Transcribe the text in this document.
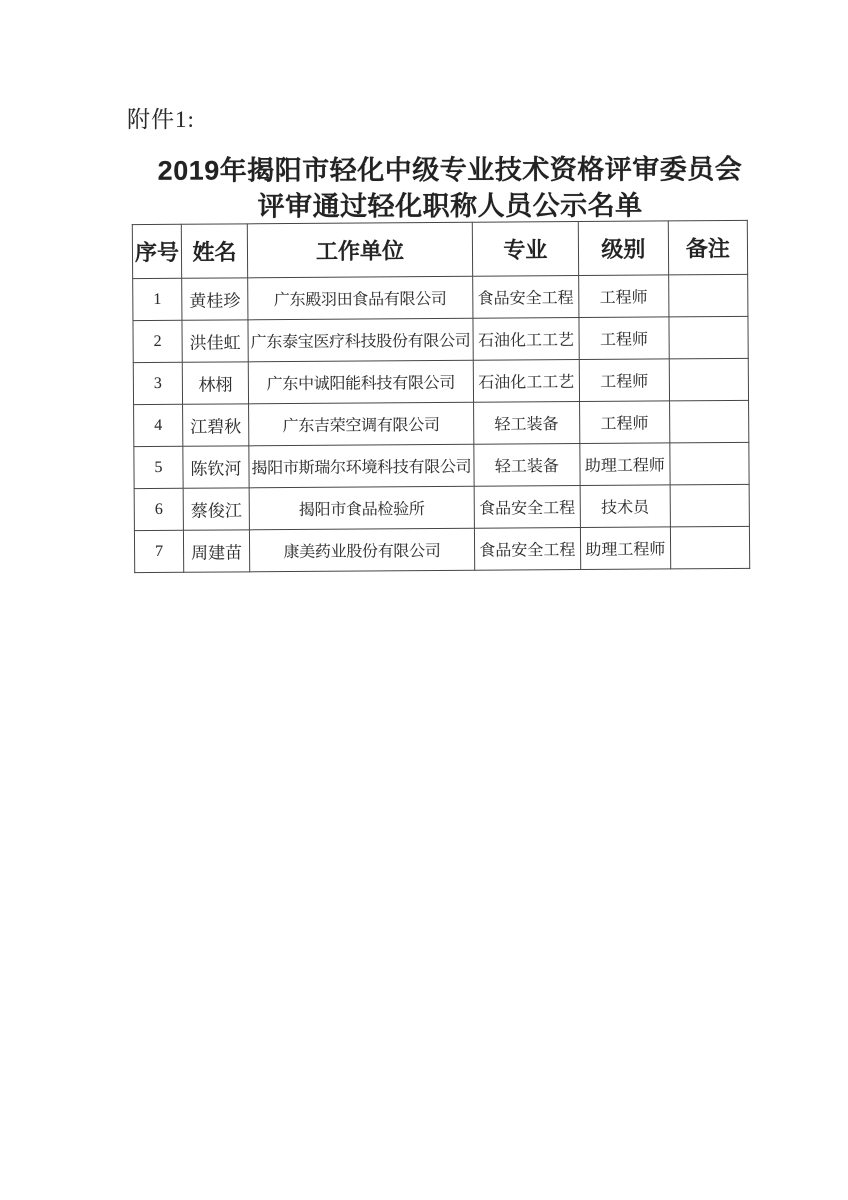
附件1:
2019年揭阳市轻化中级专业技术资格评审委员会
评审通过轻化职称人员公示名单
序号	姓名	工作单位	专业	级别	备注
1	黄桂珍	广东殿羽田食品有限公司	食品安全工程	工程师	
2	洪佳虹	广东泰宝医疗科技股份有限公司	石油化工工艺	工程师	
3	林栩	广东中诚阳能科技有限公司	石油化工工艺	工程师	
4	江碧秋	广东吉荣空调有限公司	轻工装备	工程师	
5	陈钦河	揭阳市斯瑞尔环境科技有限公司	轻工装备	助理工程师	
6	蔡俊江	揭阳市食品检验所	食品安全工程	技术员	
7	周建苗	康美药业股份有限公司	食品安全工程	助理工程师	
